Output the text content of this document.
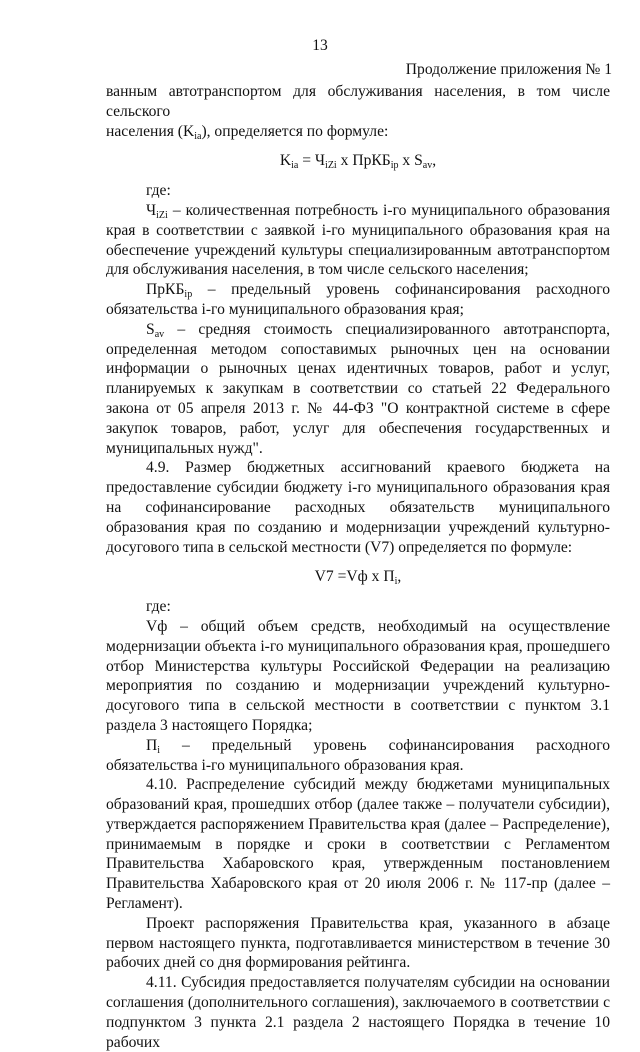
13
Продолжение приложения № 1

ванным автотранспортом для обслуживания населения, в том числе сельского

населения $(K_{iа})$, определяется по формуле:

$K_{iа} = Ч_{iZi}$ x ПрКБ$_{ip}$ x $S_{av}$,

где:

$Ч_{iZi}$ – количественная потребность i-го муниципального образования края в соответствии с заявкой i-го муниципального образования края на обеспечение учреждений культуры специализированным автотранспортом для обслуживания населения, в том числе сельского населения;

ПрКБ$_{ip}$ – предельный уровень софинансирования расходного обязательства i-го муниципального образования края;

$S_{av}$ – средняя стоимость специализированного автотранспорта, определенная методом сопоставимых рыночных цен на основании информации о рыночных ценах идентичных товаров, работ и услуг, планируемых к закупкам в соответствии со статьей 22 Федерального закона от 05 апреля 2013 г. № 44-ФЗ "О контрактной системе в сфере закупок товаров, работ, услуг для обеспечения государственных и муниципальных нужд".

4.9. Размер бюджетных ассигнований краевого бюджета на предоставление субсидии бюджету i-го муниципального образования края на софинансирование расходных обязательств муниципального образования края по созданию и модернизации учреждений культурно-досугового типа в сельской местности (V7) определяется по формуле:

V7 =Vф x $П_i$,

где:

Vф – общий объем средств, необходимый на осуществление модернизации объекта i-го муниципального образования края, прошедшего отбор Министерства культуры Российской Федерации на реализацию мероприятия по созданию и модернизации учреждений культурно-досугового типа в сельской местности в соответствии с пунктом 3.1 раздела 3 настоящего Порядка;

$П_i$ – предельный уровень софинансирования расходного обязательства i-го муниципального образования края.

4.10. Распределение субсидий между бюджетами муниципальных образований края, прошедших отбор (далее также – получатели субсидии), утверждается распоряжением Правительства края (далее – Распределение), принимаемым в порядке и сроки в соответствии с Регламентом Правительства Хабаровского края, утвержденным постановлением Правительства Хабаровского края от 20 июля 2006 г. № 117-пр (далее – Регламент).

Проект распоряжения Правительства края, указанного в абзаце первом настоящего пункта, подготавливается министерством в течение 30 рабочих дней со дня формирования рейтинга.

4.11. Субсидия предоставляется получателям субсидии на основании соглашения (дополнительного соглашения), заключаемого в соответствии с подпунктом 3 пункта 2.1 раздела 2 настоящего Порядка в течение 10 рабочих
